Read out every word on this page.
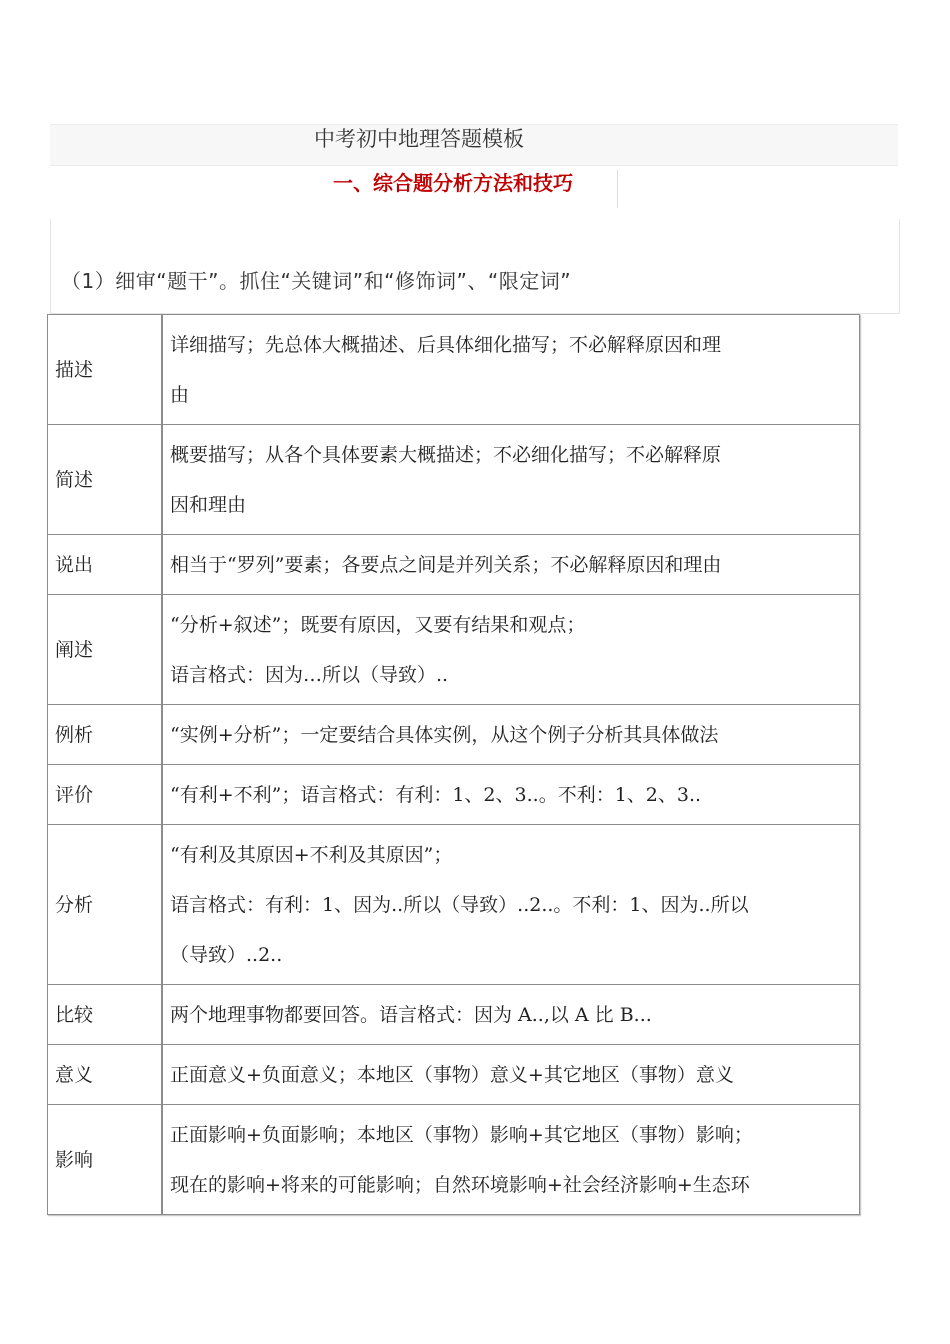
中考初中地理答题模板
一、综合题分析方法和技巧
（1）细审“题干”。抓住“关键词”和“修饰词”、“限定词”
描述	详细描写；先总体大概描述、后具体细化描写；不必解释原因和理
由

简述	概要描写；从各个具体要素大概描述；不必细化描写；不必解释原
因和理由

说出	相当于“罗列”要素；各要点之间是并列关系；不必解释原因和理由

阐述	“分析+叙述”；既要有原因，又要有结果和观点；
语言格式：因为…所以（导致）..

例析	“实例+分析”；一定要结合具体实例，从这个例子分析其具体做法

评价	“有利+不利”；语言格式：有利：1、2、3..。不利：1、2、3..

分析	“有利及其原因+不利及其原因”；
语言格式：有利：1、因为..所以（导致）..2..。不利：1、因为..所以
（导致）..2..

比较	两个地理事物都要回答。语言格式：因为 A..,以 A 比 B...

意义	正面意义+负面意义；本地区（事物）意义+其它地区（事物）意义

影响	正面影响+负面影响；本地区（事物）影响+其它地区（事物）影响；
现在的影响+将来的可能影响；自然环境影响+社会经济影响+生态环
